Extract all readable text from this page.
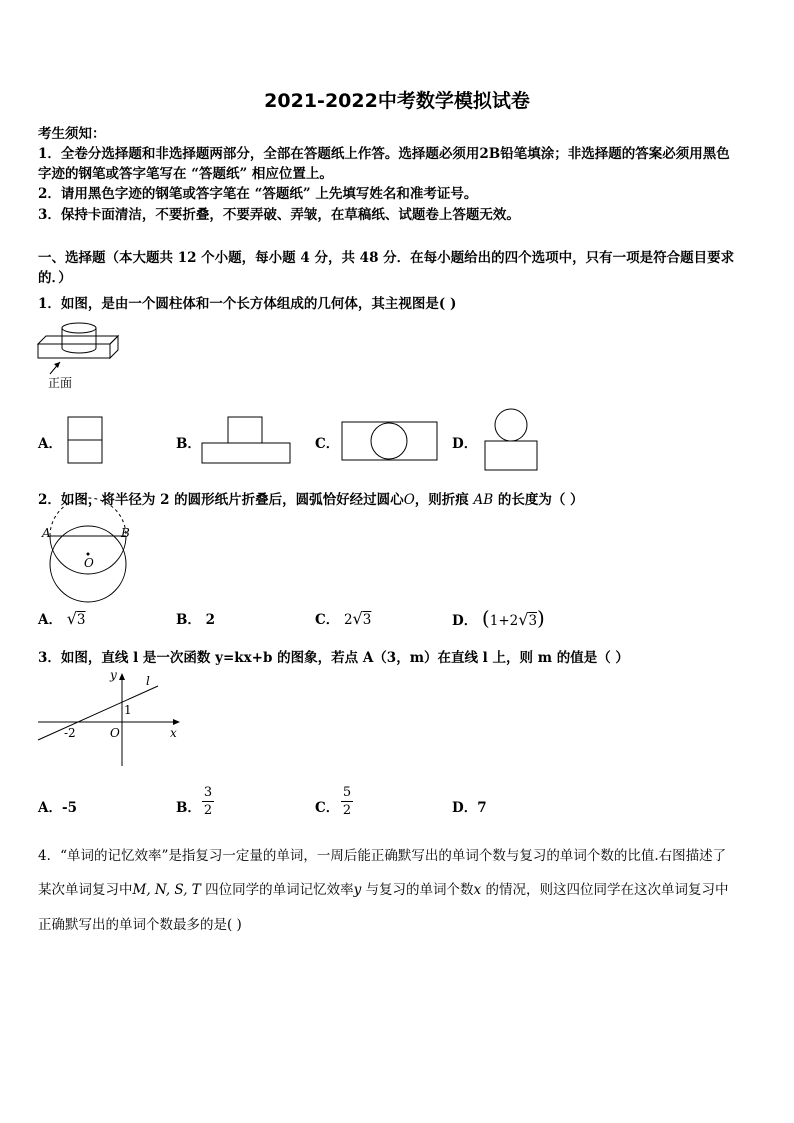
2021-2022中考数学模拟试卷
考生须知：
1．全卷分选择题和非选择题两部分，全部在答题纸上作答。选择题必须用2B铅笔填涂；非选择题的答案必须用黑色
字迹的钢笔或答字笔写在 “答题纸” 相应位置上。
2．请用黑色字迹的钢笔或答字笔在 “答题纸” 上先填写姓名和准考证号。
3．保持卡面清洁，不要折叠，不要弄破、弄皱，在草稿纸、试题卷上答题无效。
一、选择题（本大题共 12 个小题，每小题 4 分，共 48 分．在每小题给出的四个选项中，只有一项是符合题目要求
的．）
1．如图，是由一个圆柱体和一个长方体组成的几何体，其主视图是( )
正面
A．	B．	C．	D．
2．如图，将半径为 2 的圆形纸片折叠后，圆弧恰好经过圆心O，则折痕 AB 的长度为（ ）
A	B
O
A． √3	B． 2	C． 2√3	D． (1+2√3)
3．如图，直线 l 是一次函数 y=kx+b 的图象，若点 A（3，m）在直线 l 上，则 m 的值是（ ）
y l
1
-2	O	x
A．-5	B． $\frac{3}{2}$	C． $\frac{5}{2}$	D．7
4．“单词的记忆效率”是指复习一定量的单词，一周后能正确默写出的单词个数与复习的单词个数的比值.右图描述了
某次单词复习中M, N, S, T 四位同学的单词记忆效率y 与复习的单词个数x 的情况，则这四位同学在这次单词复习中
正确默写出的单词个数最多的是( )
